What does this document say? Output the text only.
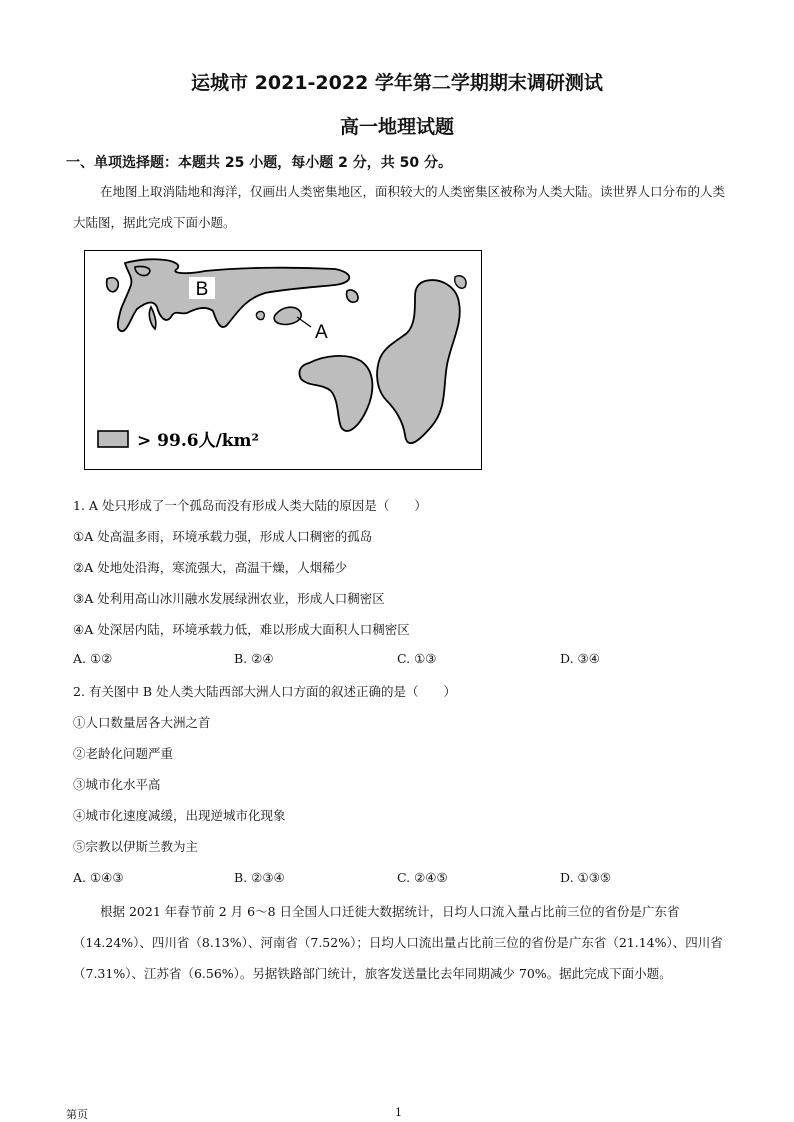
运城市 2021-2022 学年第二学期期末调研测试
高一地理试题
一、单项选择题：本题共 25 小题，每小题 2 分，共 50 分。

在地图上取消陆地和海洋，仅画出人类密集地区，面积较大的人类密集区被称为人类大陆。读世界人口分布的人类大陆图，据此完成下面小题。

B
A
> 99.6人/km²
1. A 处只形成了一个孤岛而没有形成人类大陆的原因是（　　）
①A 处高温多雨，环境承载力强，形成人口稠密的孤岛
②A 处地处沿海，寒流强大，高温干燥，人烟稀少
③A 处利用高山冰川融水发展绿洲农业，形成人口稠密区
④A 处深居内陆，环境承载力低，难以形成大面积人口稠密区
A. ①②	B. ②④	C. ①③	D. ③④
2. 有关图中 B 处人类大陆西部大洲人口方面的叙述正确的是（　　）
①人口数量居各大洲之首
②老龄化问题严重
③城市化水平高
④城市化速度减缓，出现逆城市化现象
⑤宗教以伊斯兰教为主
A. ①④③	B. ②③④	C. ②④⑤	D. ①③⑤

根据 2021 年春节前 2 月 6～8 日全国人口迁徙大数据统计，日均人口流入量占比前三位的省份是广东省（14.24%）、四川省（8.13%）、河南省（7.52%）；日均人口流出量占比前三位的省份是广东省（21.14%）、四川省（7.31%）、江苏省（6.56%）。另据铁路部门统计，旅客发送量比去年同期减少 70%。据此完成下面小题。

第页	1
